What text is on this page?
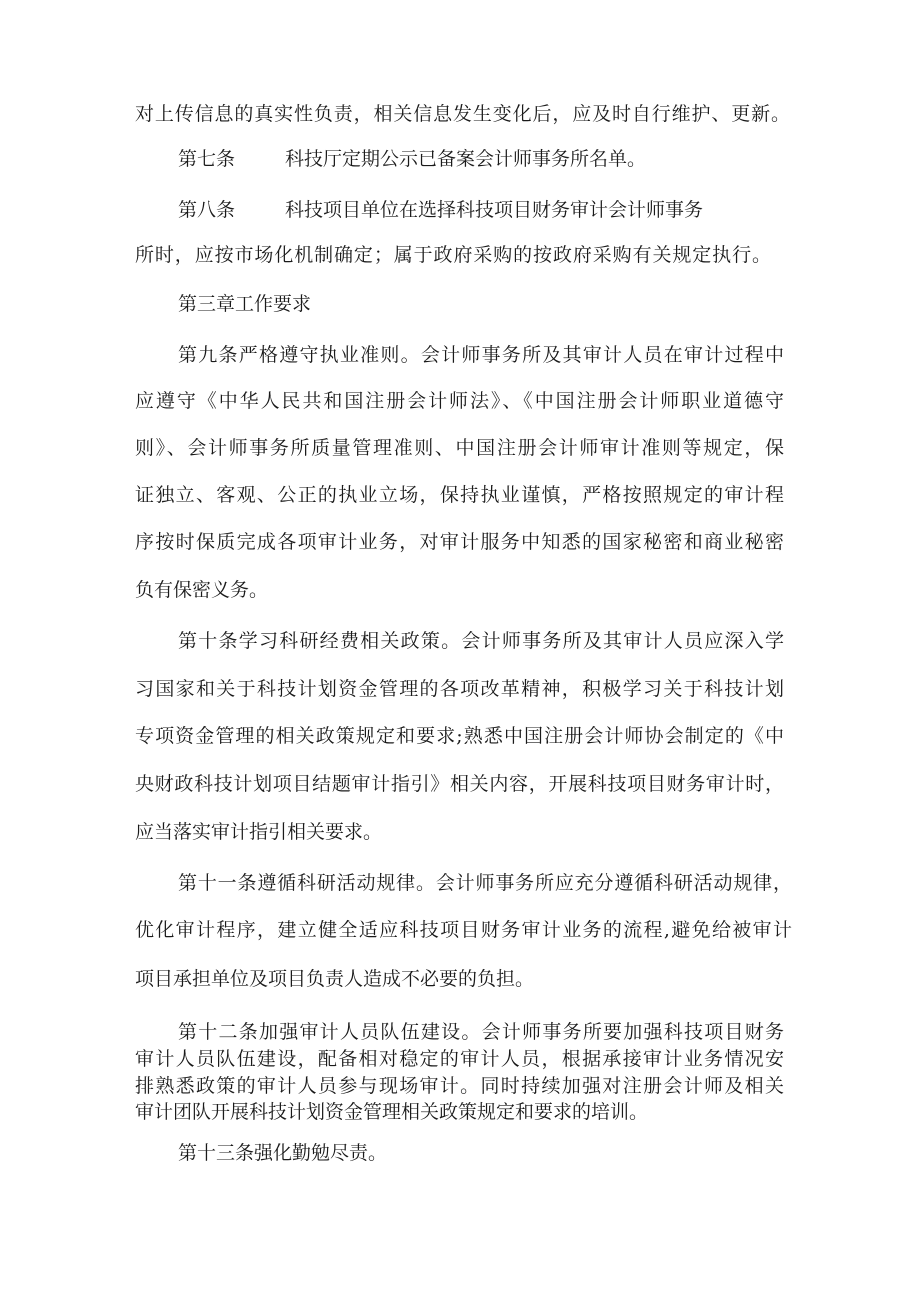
对上传信息的真实性负责，相关信息发生变化后，应及时自行维护、更新。
第七条	科技厅定期公示已备案会计师事务所名单。
第八条	科技项目单位在选择科技项目财务审计会计师事务
所时，应按市场化机制确定；属于政府采购的按政府采购有关规定执行。
第三章工作要求
第九条严格遵守执业准则。会计师事务所及其审计人员在审计过程中
应遵守《中华人民共和国注册会计师法》、《中国注册会计师职业道德守
则》、会计师事务所质量管理准则、中国注册会计师审计准则等规定，保
证独立、客观、公正的执业立场，保持执业谨慎，严格按照规定的审计程
序按时保质完成各项审计业务，对审计服务中知悉的国家秘密和商业秘密
负有保密义务。
第十条学习科研经费相关政策。会计师事务所及其审计人员应深入学
习国家和关于科技计划资金管理的各项改革精神，积极学习关于科技计划
专项资金管理的相关政策规定和要求;熟悉中国注册会计师协会制定的《中
央财政科技计划项目结题审计指引》相关内容，开展科技项目财务审计时，
应当落实审计指引相关要求。
第十一条遵循科研活动规律。会计师事务所应充分遵循科研活动规律，
优化审计程序，建立健全适应科技项目财务审计业务的流程,避免给被审计
项目承担单位及项目负责人造成不必要的负担。
第十二条加强审计人员队伍建设。会计师事务所要加强科技项目财务
审计人员队伍建设，配备相对稳定的审计人员，根据承接审计业务情况安
排熟悉政策的审计人员参与现场审计。同时持续加强对注册会计师及相关
审计团队开展科技计划资金管理相关政策规定和要求的培训。
第十三条强化勤勉尽责。
